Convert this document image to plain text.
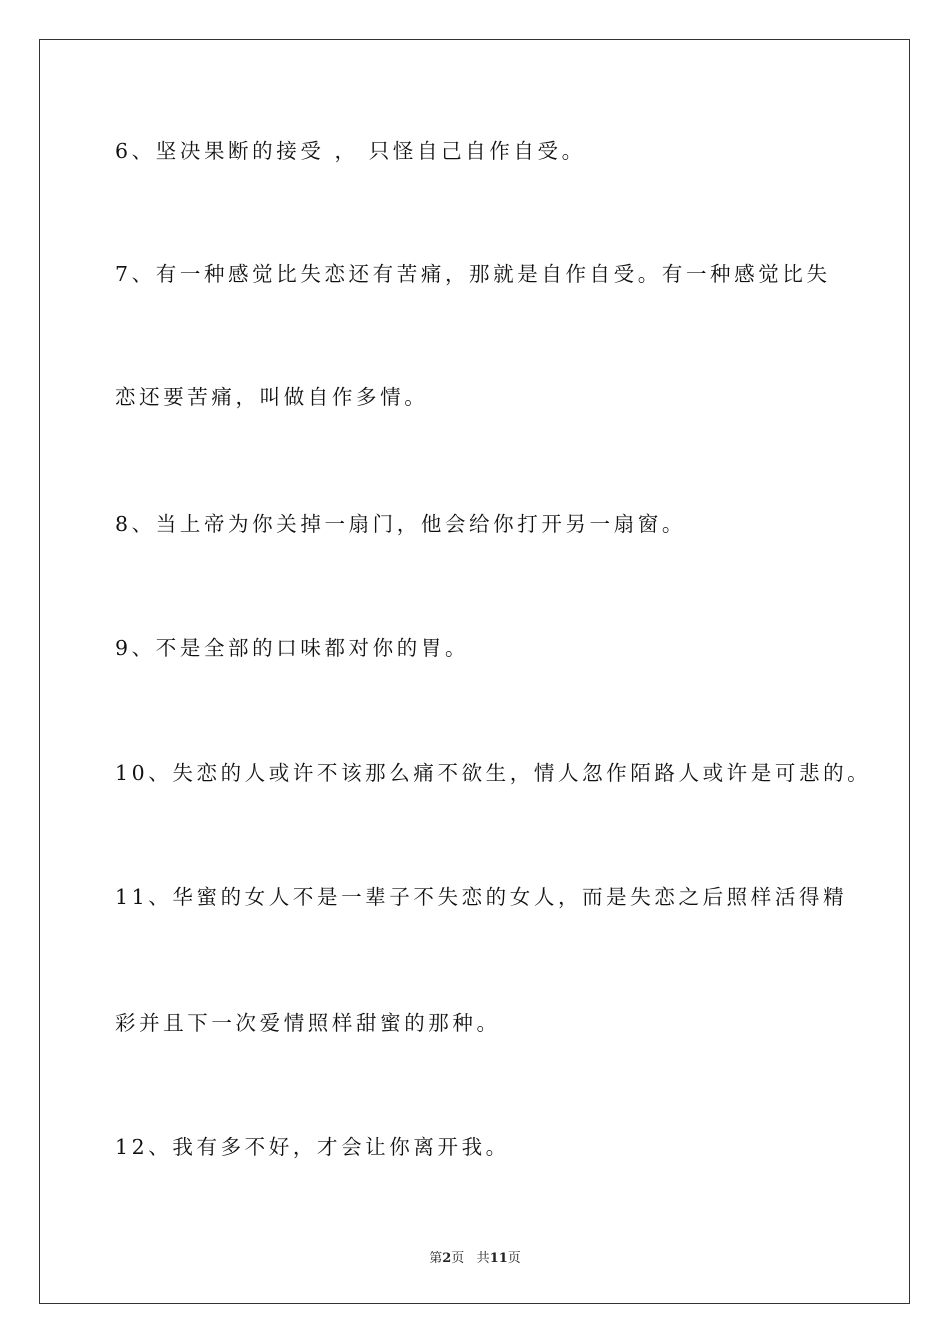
6、坚决果断的接受 ， 只怪自己自作自受。
7、有一种感觉比失恋还有苦痛，那就是自作自受。有一种感觉比失
恋还要苦痛，叫做自作多情。
8、当上帝为你关掉一扇门，他会给你打开另一扇窗。
9、不是全部的口味都对你的胃。
10、失恋的人或许不该那么痛不欲生，情人忽作陌路人或许是可悲的。
11、华蜜的女人不是一辈子不失恋的女人，而是失恋之后照样活得精
彩并且下一次爱情照样甜蜜的那种。
12、我有多不好，才会让你离开我。
第2页 共11页
